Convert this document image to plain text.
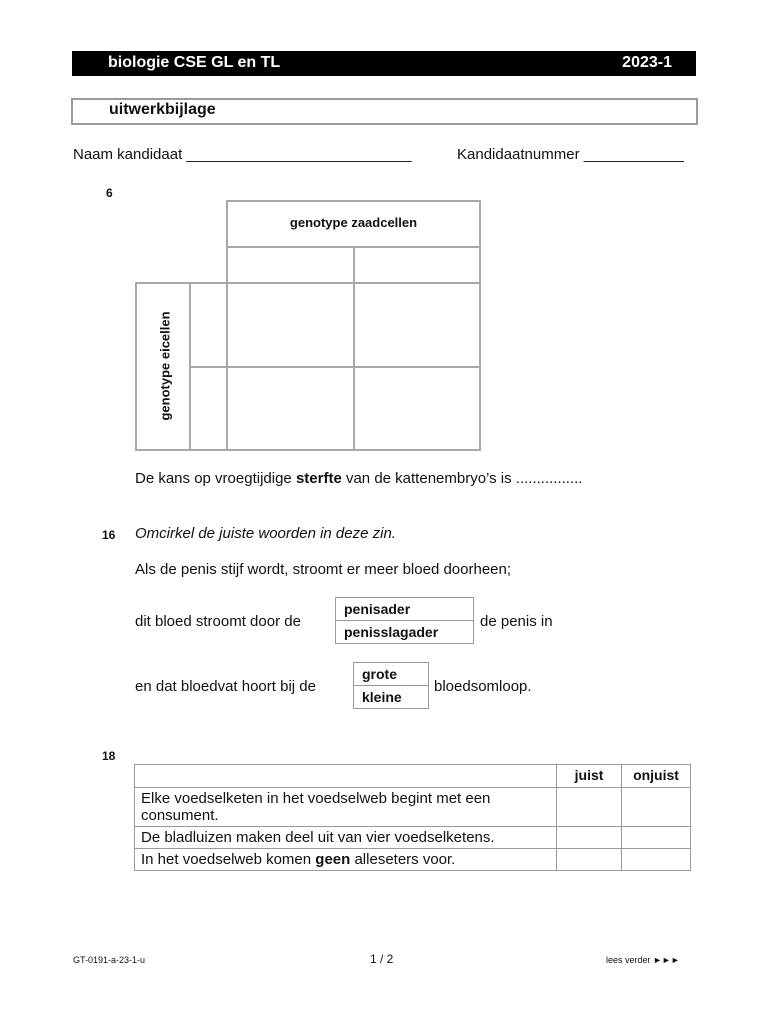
biologie CSE GL en TL	2023-1
uitwerkbijlage
Naam kandidaat ___________________________	Kandidaatnummer ____________
6
genotype zaadcellen
genotype eicellen
De kans op vroegtijdige sterfte van de kattenembryo’s is ................
16 Omcirkel de juiste woorden in deze zin.
Als de penis stijf wordt, stroomt er meer bloed doorheen;
dit bloed stroomt door de
penisader
penisslagader
de penis in
en dat bloedvat hoort bij de
grote
kleine
bloedsomloop.
18
	juist	onjuist
Elke voedselketen in het voedselweb begint met een consument.		
De bladluizen maken deel uit van vier voedselketens.		
In het voedselweb komen geen alleseters voor.		
GT-0191-a-23-1-u	1 / 2	lees verder ►►►
